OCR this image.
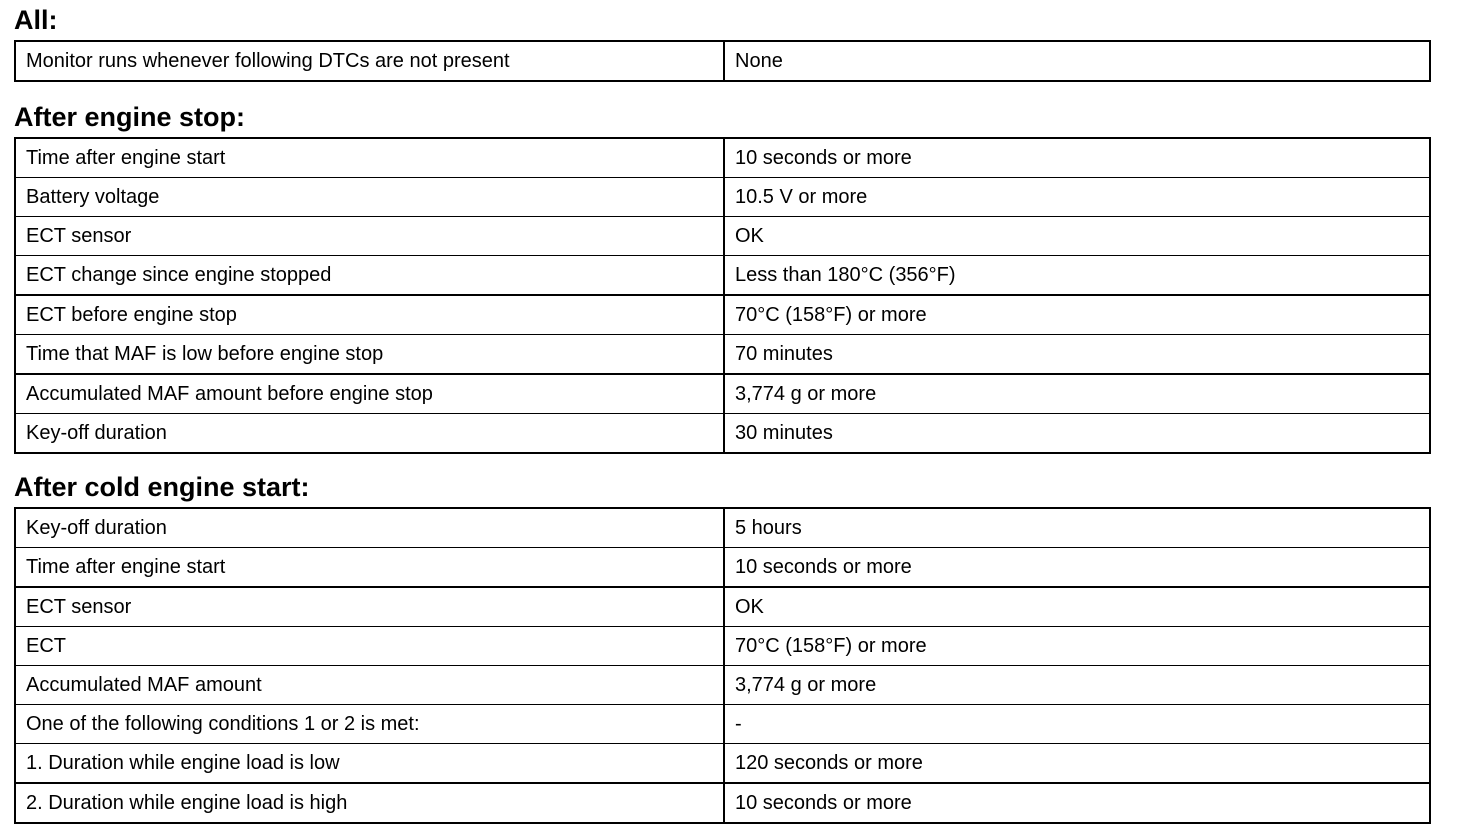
All:
Monitor runs whenever following DTCs are not present	None
After engine stop:
Time after engine start	10 seconds or more
Battery voltage	10.5 V or more
ECT sensor	OK
ECT change since engine stopped	Less than 180°C (356°F)
ECT before engine stop	70°C (158°F) or more
Time that MAF is low before engine stop	70 minutes
Accumulated MAF amount before engine stop	3,774 g or more
Key-off duration	30 minutes
After cold engine start:
Key-off duration	5 hours
Time after engine start	10 seconds or more
ECT sensor	OK
ECT	70°C (158°F) or more
Accumulated MAF amount	3,774 g or more
One of the following conditions 1 or 2 is met:	-
1. Duration while engine load is low	120 seconds or more
2. Duration while engine load is high	10 seconds or more
